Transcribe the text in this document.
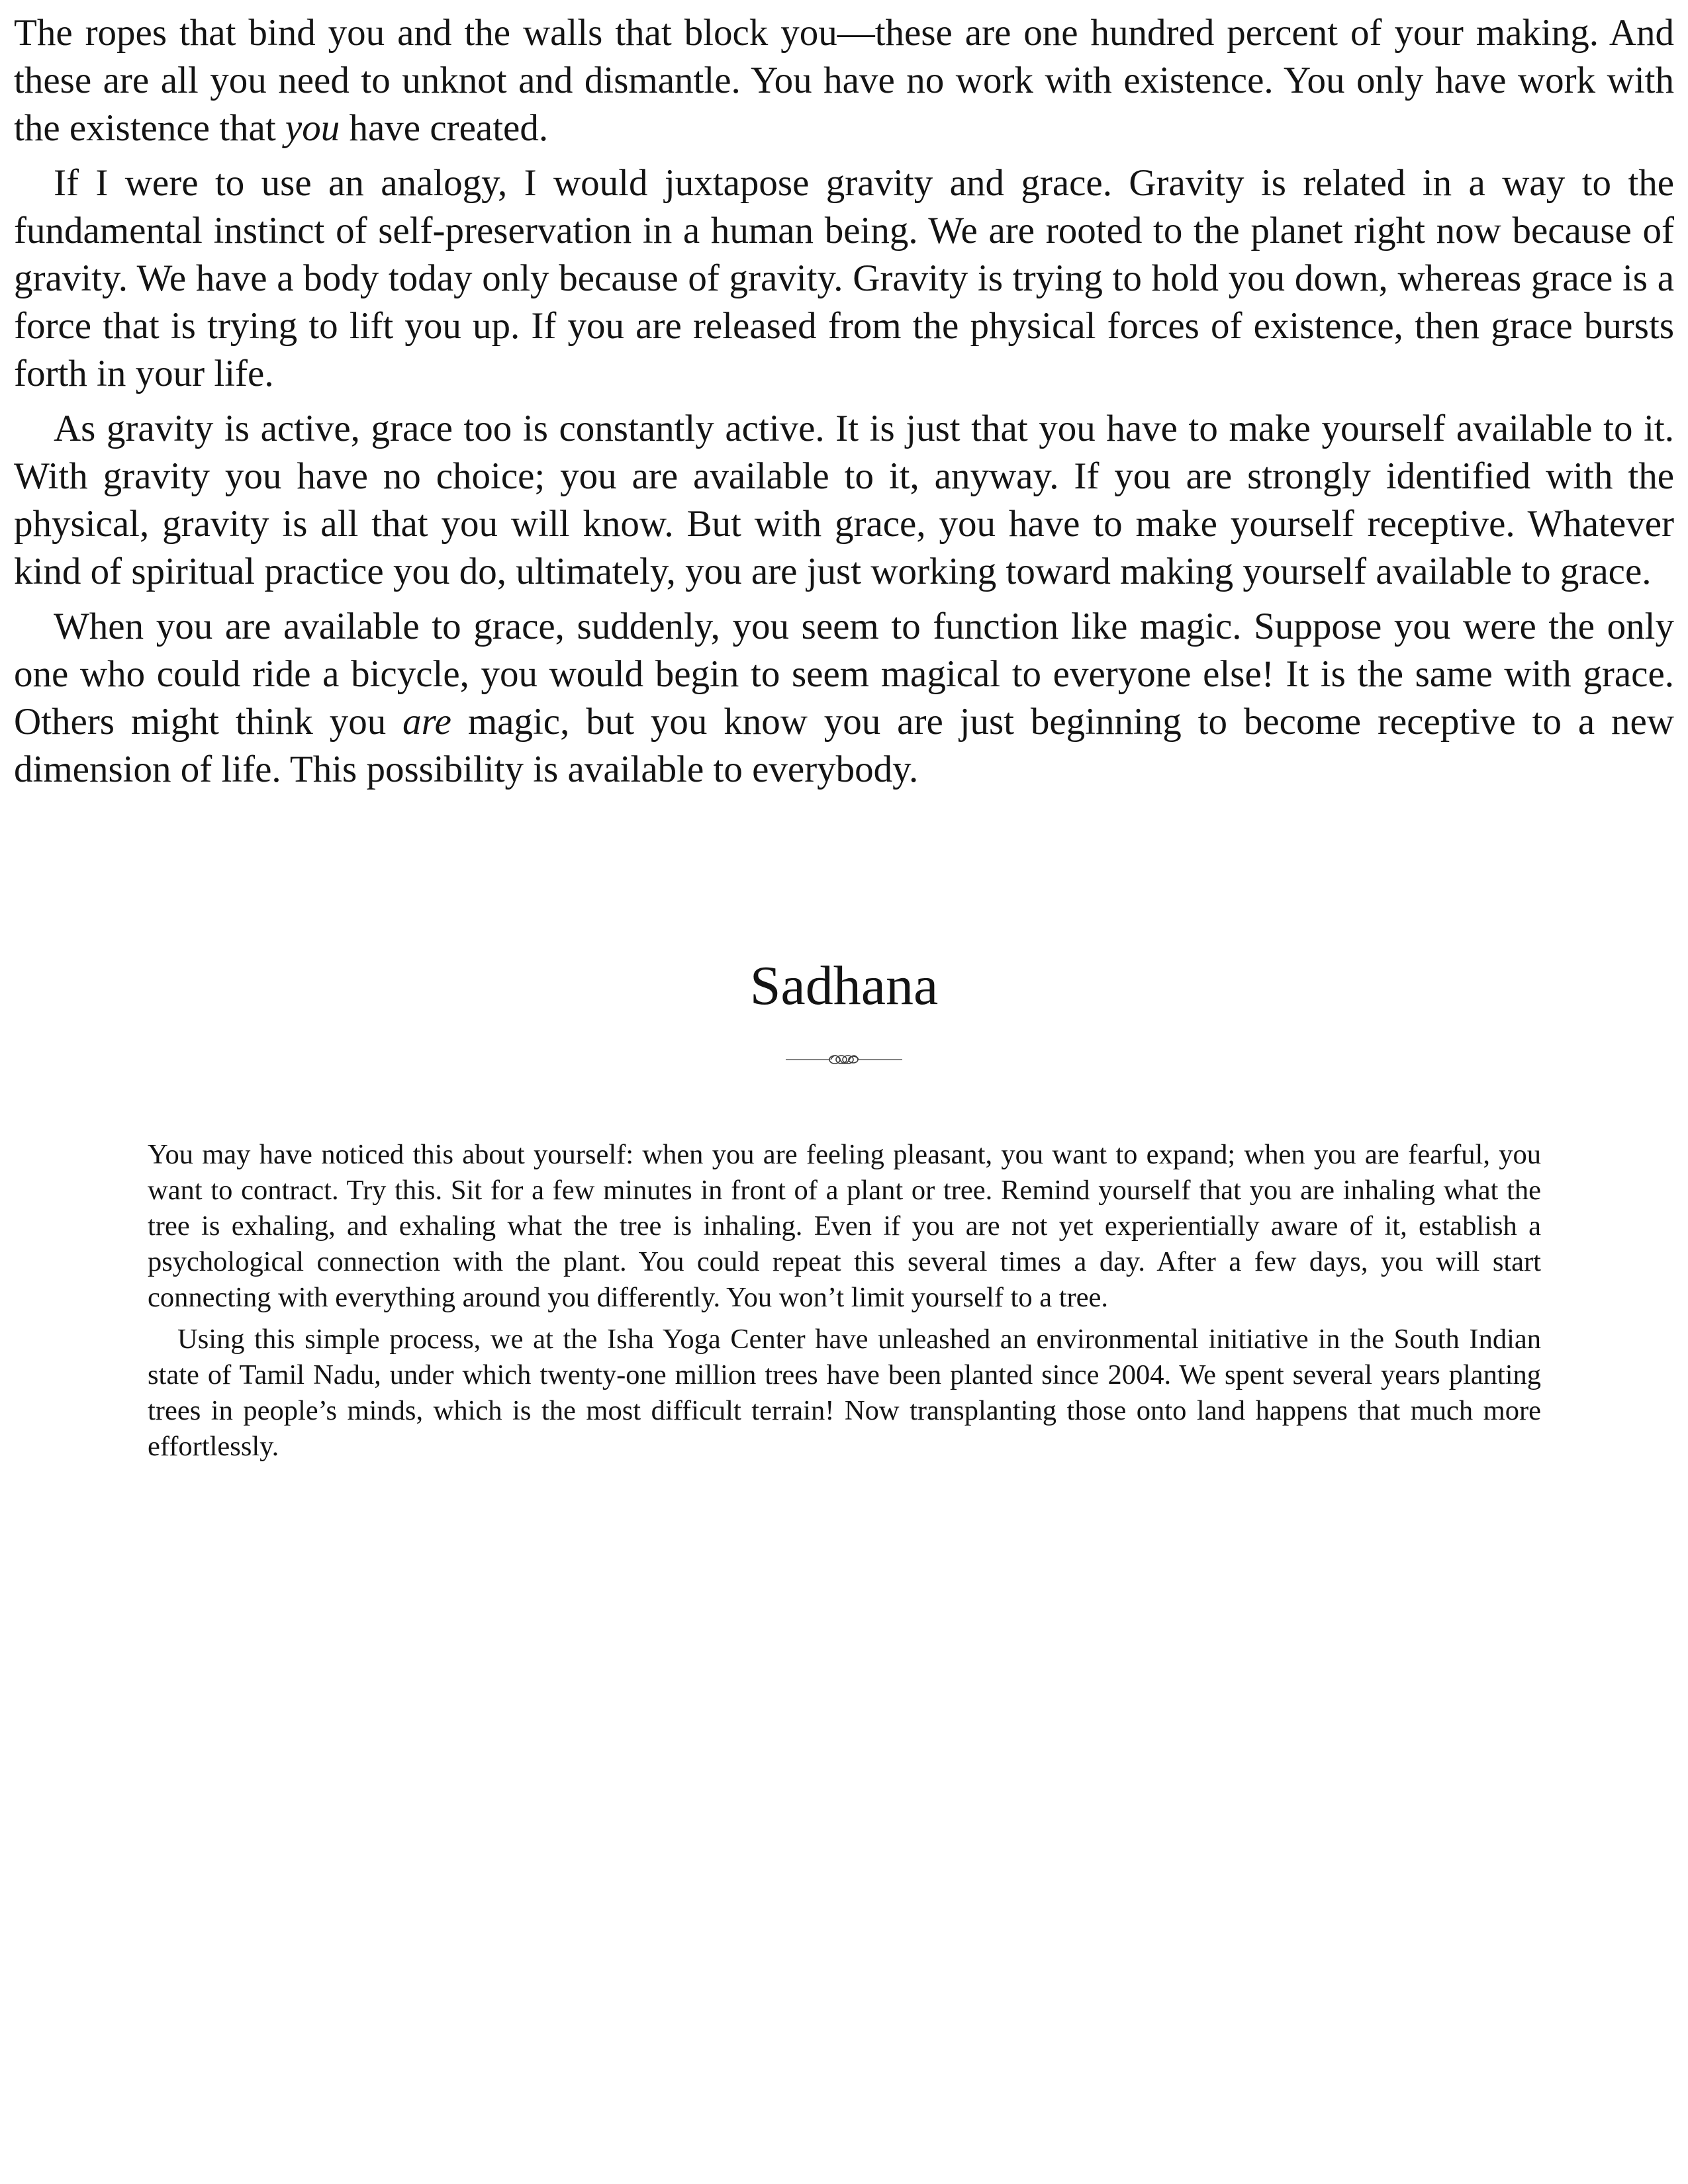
The ropes that bind you and the walls that block you—these are one hundred percent of your making. And these are all you need to unknot and dismantle. You have no work with existence. You only have work with the existence that you have created.

If I were to use an analogy, I would juxtapose gravity and grace. Gravity is related in a way to the fundamental instinct of self-preservation in a human being. We are rooted to the planet right now because of gravity. We have a body today only because of gravity. Gravity is trying to hold you down, whereas grace is a force that is trying to lift you up. If you are released from the physical forces of existence, then grace bursts forth in your life.

As gravity is active, grace too is constantly active. It is just that you have to make yourself available to it. With gravity you have no choice; you are available to it, anyway. If you are strongly identified with the physical, gravity is all that you will know. But with grace, you have to make yourself receptive. Whatever kind of spiritual practice you do, ultimately, you are just working toward making yourself available to grace.

When you are available to grace, suddenly, you seem to function like magic. Suppose you were the only one who could ride a bicycle, you would begin to seem magical to everyone else! It is the same with grace. Others might think you are magic, but you know you are just beginning to become receptive to a new dimension of life. This possibility is available to everybody.

Sadhana

You may have noticed this about yourself: when you are feeling pleasant, you want to expand; when you are fearful, you want to contract. Try this. Sit for a few minutes in front of a plant or tree. Remind yourself that you are inhaling what the tree is exhaling, and exhaling what the tree is inhaling. Even if you are not yet experientially aware of it, establish a psychological connection with the plant. You could repeat this several times a day. After a few days, you will start connecting with everything around you differently. You won’t limit yourself to a tree.

Using this simple process, we at the Isha Yoga Center have unleashed an environmental initiative in the South Indian state of Tamil Nadu, under which twenty-one million trees have been planted since 2004. We spent several years planting trees in people’s minds, which is the most difficult terrain! Now transplanting those onto land happens that much more effortlessly.
